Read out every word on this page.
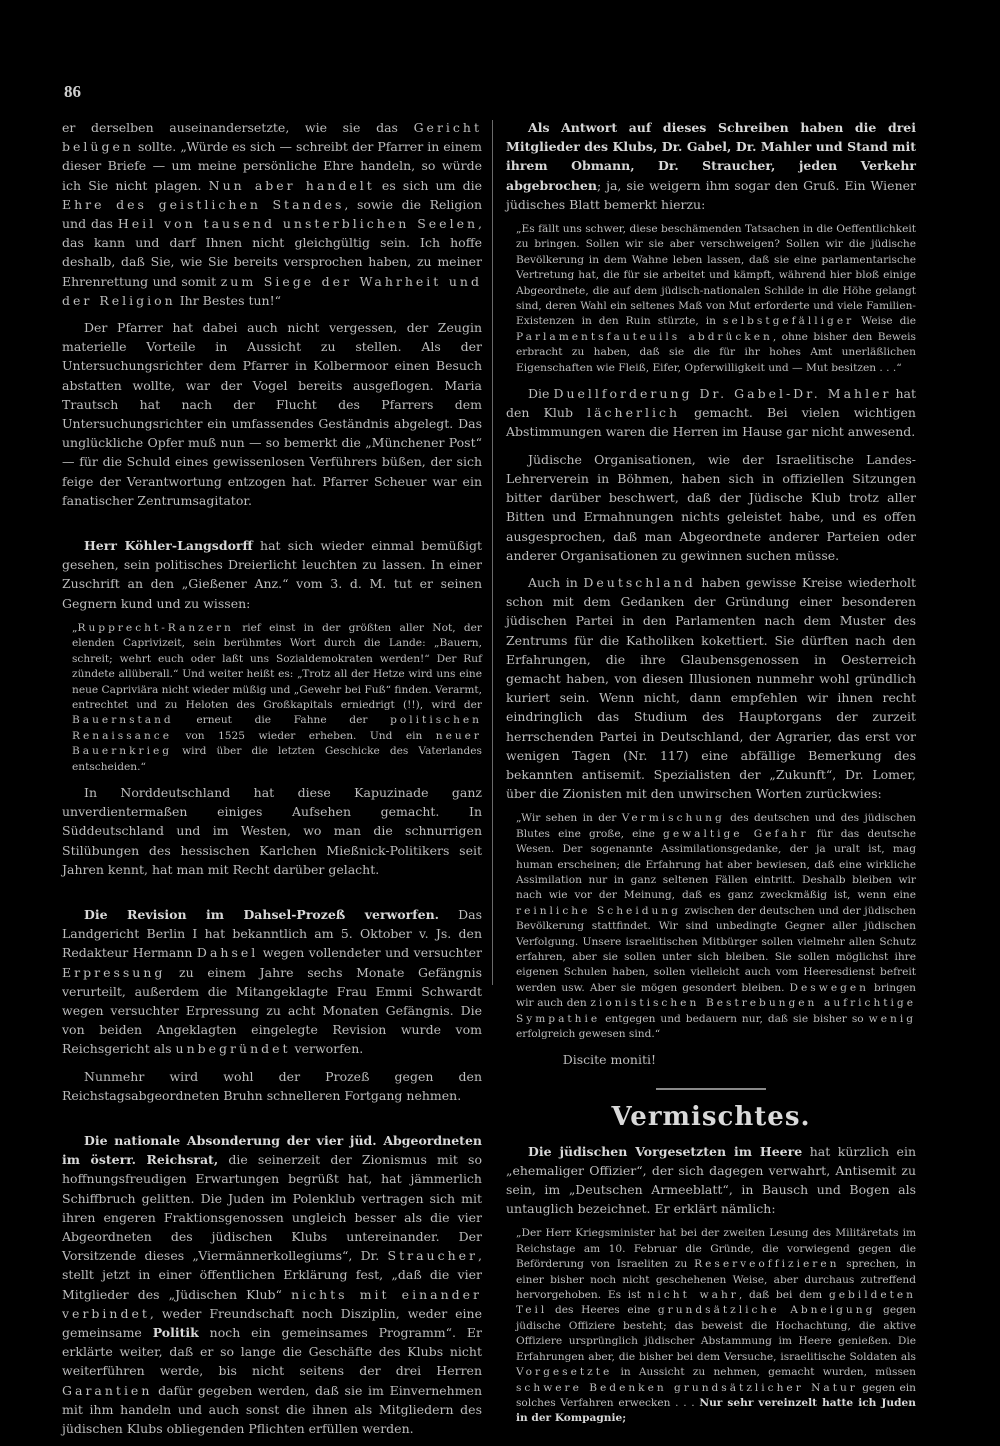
86

er derselben auseinandersetzte, wie sie das Gericht belügen sollte. „Würde es sich — schreibt der Pfarrer in einem dieser Briefe — um meine persönliche Ehre handeln, so würde ich Sie nicht plagen. Nun aber handelt es sich um die Ehre des geistlichen Standes, sowie die Religion und das Heil von tausend unsterblichen Seelen, das kann und darf Ihnen nicht gleichgültig sein. Ich hoffe deshalb, daß Sie, wie Sie bereits versprochen haben, zu meiner Ehrenrettung und somit zum Siege der Wahrheit und der Religion Ihr Bestes tun!“

Der Pfarrer hat dabei auch nicht vergessen, der Zeugin materielle Vorteile in Aussicht zu stellen. Als der Untersuchungsrichter dem Pfarrer in Kolbermoor einen Besuch abstatten wollte, war der Vogel bereits ausgeflogen. Maria Trautsch hat nach der Flucht des Pfarrers dem Untersuchungsrichter ein umfassendes Geständnis abgelegt. Das unglückliche Opfer muß nun — so bemerkt die „Münchener Post“ — für die Schuld eines gewissenlosen Verführers büßen, der sich feige der Verantwortung entzogen hat. Pfarrer Scheuer war ein fanatischer Zentrumsagitator.

Herr Köhler-Langsdorff hat sich wieder einmal bemüßigt gesehen, sein politisches Dreierlicht leuchten zu lassen. In einer Zuschrift an den „Gießener Anz.“ vom 3. d. M. tut er seinen Gegnern kund und zu wissen:

„Rupprecht-Ranzern rief einst in der größten aller Not, der elenden Caprivizeit, sein berühmtes Wort durch die Lande: „Bauern, schreit; wehrt euch oder laßt uns Sozialdemokraten werden!“ Der Ruf zündete allüberall.“ Und weiter heißt es: „Trotz all der Hetze wird uns eine neue Capriviära nicht wieder müßig und „Gewehr bei Fuß“ finden. Verarmt, entrechtet und zu Heloten des Großkapitals erniedrigt (!!), wird der Bauernstand erneut die Fahne der politischen Renaissance von 1525 wieder erheben. Und ein neuer Bauernkrieg wird über die letzten Geschicke des Vaterlandes entscheiden.“

In Norddeutschland hat diese Kapuzinade ganz unverdientermaßen einiges Aufsehen gemacht. In Süddeutschland und im Westen, wo man die schnurrigen Stilübungen des hessischen Karlchen Mießnick-Politikers seit Jahren kennt, hat man mit Recht darüber gelacht.

Die Revision im Dahsel-Prozeß verworfen. Das Landgericht Berlin I hat bekanntlich am 5. Oktober v. Js. den Redakteur Hermann Dahsel wegen vollendeter und versuchter Erpressung zu einem Jahre sechs Monate Gefängnis verurteilt, außerdem die Mitangeklagte Frau Emmi Schwardt wegen versuchter Erpressung zu acht Monaten Gefängnis. Die von beiden Angeklagten eingelegte Revision wurde vom Reichsgericht als unbegründet verworfen.

Nunmehr wird wohl der Prozeß gegen den Reichstagsabgeordneten Bruhn schnelleren Fortgang nehmen.

Die nationale Absonderung der vier jüd. Abgeordneten im österr. Reichsrat, die seinerzeit der Zionismus mit so hoffnungsfreudigen Erwartungen begrüßt hat, hat jämmerlich Schiffbruch gelitten. Die Juden im Polenklub vertragen sich mit ihren engeren Fraktionsgenossen ungleich besser als die vier Abgeordneten des jüdischen Klubs untereinander. Der Vorsitzende dieses „Viermännerkollegiums“, Dr. Straucher, stellt jetzt in einer öffentlichen Erklärung fest, „daß die vier Mitglieder des „Jüdischen Klub“ nichts mit einander verbindet, weder Freundschaft noch Disziplin, weder eine gemeinsame Politik noch ein gemeinsames Programm“. Er erklärte weiter, daß er so lange die Geschäfte des Klubs nicht weiterführen werde, bis nicht seitens der drei Herren Garantien dafür gegeben werden, daß sie im Einvernehmen mit ihm handeln und auch sonst die ihnen als Mitgliedern des jüdischen Klubs obliegenden Pflichten erfüllen werden.

Als Antwort auf dieses Schreiben haben die drei Mitglieder des Klubs, Dr. Gabel, Dr. Mahler und Stand mit ihrem Obmann, Dr. Straucher, jeden Verkehr abgebrochen; ja, sie weigern ihm sogar den Gruß. Ein Wiener jüdisches Blatt bemerkt hierzu:

„Es fällt uns schwer, diese beschämenden Tatsachen in die Oeffentlichkeit zu bringen. Sollen wir sie aber verschweigen? Sollen wir die jüdische Bevölkerung in dem Wahne leben lassen, daß sie eine parlamentarische Vertretung hat, die für sie arbeitet und kämpft, während hier bloß einige Abgeordnete, die auf dem jüdisch-nationalen Schilde in die Höhe gelangt sind, deren Wahl ein seltenes Maß von Mut erforderte und viele Familien-Existenzen in den Ruin stürzte, in selbstgefälliger Weise die Parlamentsfauteuils abdrücken, ohne bisher den Beweis erbracht zu haben, daß sie die für ihr hohes Amt unerläßlichen Eigenschaften wie Fleiß, Eifer, Opferwilligkeit und — Mut besitzen . . .“

Die Duellforderung Dr. Gabel-Dr. Mahler hat den Klub lächerlich gemacht. Bei vielen wichtigen Abstimmungen waren die Herren im Hause gar nicht anwesend.

Jüdische Organisationen, wie der Israelitische Landes-Lehrerverein in Böhmen, haben sich in offiziellen Sitzungen bitter darüber beschwert, daß der Jüdische Klub trotz aller Bitten und Ermahnungen nichts geleistet habe, und es offen ausgesprochen, daß man Abgeordnete anderer Parteien oder anderer Organisationen zu gewinnen suchen müsse.

Auch in Deutschland haben gewisse Kreise wiederholt schon mit dem Gedanken der Gründung einer besonderen jüdischen Partei in den Parlamenten nach dem Muster des Zentrums für die Katholiken kokettiert. Sie dürften nach den Erfahrungen, die ihre Glaubensgenossen in Oesterreich gemacht haben, von diesen Illusionen nunmehr wohl gründlich kuriert sein. Wenn nicht, dann empfehlen wir ihnen recht eindringlich das Studium des Hauptorgans der zurzeit herrschenden Partei in Deutschland, der Agrarier, das erst vor wenigen Tagen (Nr. 117) eine abfällige Bemerkung des bekannten antisemit. Spezialisten der „Zukunft“, Dr. Lomer, über die Zionisten mit den unwirschen Worten zurückwies:

„Wir sehen in der Vermischung des deutschen und des jüdischen Blutes eine große, eine gewaltige Gefahr für das deutsche Wesen. Der sogenannte Assimilationsgedanke, der ja uralt ist, mag human erscheinen; die Erfahrung hat aber bewiesen, daß eine wirkliche Assimilation nur in ganz seltenen Fällen eintritt. Deshalb bleiben wir nach wie vor der Meinung, daß es ganz zweckmäßig ist, wenn eine reinliche Scheidung zwischen der deutschen und der jüdischen Bevölkerung stattfindet. Wir sind unbedingte Gegner aller jüdischen Verfolgung. Unsere israelitischen Mitbürger sollen vielmehr allen Schutz erfahren, aber sie sollen unter sich bleiben. Sie sollen möglichst ihre eigenen Schulen haben, sollen vielleicht auch vom Heeresdienst befreit werden usw. Aber sie mögen gesondert bleiben. Deswegen bringen wir auch den zionistischen Bestrebungen aufrichtige Sympathie entgegen und bedauern nur, daß sie bisher so wenig erfolgreich gewesen sind.“

Discite moniti!

Vermischtes.

Die jüdischen Vorgesetzten im Heere hat kürzlich ein „ehemaliger Offizier“, der sich dagegen verwahrt, Antisemit zu sein, im „Deutschen Armeeblatt“, in Bausch und Bogen als untauglich bezeichnet. Er erklärt nämlich:

„Der Herr Kriegsminister hat bei der zweiten Lesung des Militäretats im Reichstage am 10. Februar die Gründe, die vorwiegend gegen die Beförderung von Israeliten zu Reserveoffizieren sprechen, in einer bisher noch nicht geschehenen Weise, aber durchaus zutreffend hervorgehoben. Es ist nicht wahr, daß bei dem gebildeten Teil des Heeres eine grundsätzliche Abneigung gegen jüdische Offiziere besteht; das beweist die Hochachtung, die aktive Offiziere ursprünglich jüdischer Abstammung im Heere genießen. Die Erfahrungen aber, die bisher bei dem Versuche, israelitische Soldaten als Vorgesetzte in Aussicht zu nehmen, gemacht wurden, müssen schwere Bedenken grundsätzlicher Natur gegen ein solches Verfahren erwecken . . . Nur sehr vereinzelt hatte ich Juden in der Kompagnie;
